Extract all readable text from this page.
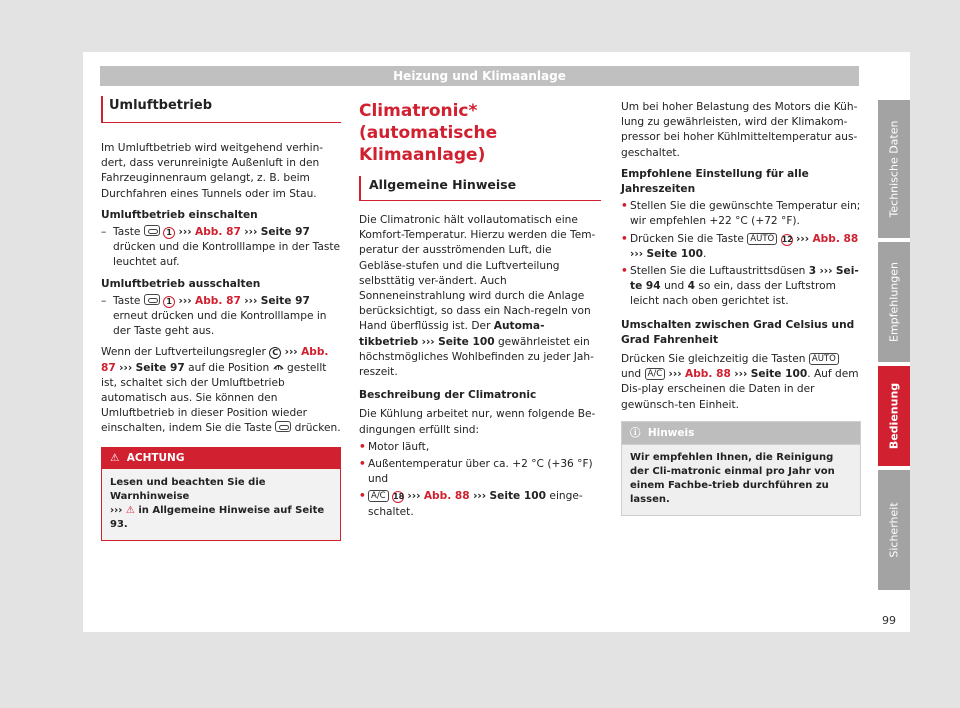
Heizung und Klimaanlage
Umluftbetrieb

Im Umluftbetrieb wird weitgehend verhin-dert, dass verunreinigte Außenluft in den Fahrzeuginnenraum gelangt, z. B. beim Durchfahren eines Tunnels oder im Stau.

Umluftbetrieb einschalten

– Taste	1 ››› Abb. 87 ››› Seite 97 drücken und die Kontrolllampe in der Taste leuchtet auf.

Umluftbetrieb ausschalten

– Taste	1 ››› Abb. 87 ››› Seite 97 erneut drücken und die Kontrolllampe in der Taste geht aus.

Wenn der Luftverteilungsregler C ››› Abb. 87 ››› Seite 97 auf die Position gestellt ist, schaltet sich der Umluftbetrieb automatisch aus. Sie können den Umluftbetrieb in dieser Position wieder einschalten, indem Sie die Taste drücken.

⚠ ACHTUNG
Lesen und beachten Sie die Warnhinweise
››› ⚠ in Allgemeine Hinweise auf Seite 93.
Climatronic* (automatische Klimaanlage)
Allgemeine Hinweise

Die Climatronic hält vollautomatisch eine Komfort-Temperatur. Hierzu werden die Tem-peratur der ausströmenden Luft, die Gebläse-stufen und die Luftverteilung selbsttätig ver-ändert. Auch Sonneneinstrahlung wird durch die Anlage berücksichtigt, so dass ein Nach-regeln von Hand überflüssig ist. Der Automa-tikbetrieb ››› Seite 100 gewährleistet ein höchstmögliches Wohlbefinden zu jeder Jah-reszeit.

Beschreibung der Climatronic

Die Kühlung arbeitet nur, wenn folgende Be-dingungen erfüllt sind:

• Motor läuft,
• Außentemperatur über ca. +2 °C (+36 °F) und
• A/C 18 ››› Abb. 88 ››› Seite 100 einge-schaltet.

Um bei hoher Belastung des Motors die Küh-lung zu gewährleisten, wird der Klimakom-pressor bei hoher Kühlmitteltemperatur aus-geschaltet.

Empfohlene Einstellung für alle Jahreszeiten

• Stellen Sie die gewünschte Temperatur ein; wir empfehlen +22 °C (+72 °F).
• Drücken Sie die Taste AUTO 12 ››› Abb. 88
››› Seite 100.
• Stellen Sie die Luftaustrittsdüsen 3 ››› Sei-te 94 und 4 so ein, dass der Luftstrom leicht nach oben gerichtet ist.

Umschalten zwischen Grad Celsius und Grad Fahrenheit

Drücken Sie gleichzeitig die Tasten AUTO und A/C ››› Abb. 88 ››› Seite 100. Auf dem Dis-play erscheinen die Daten in der gewünsch-ten Einheit.

ⓘ Hinweis
Wir empfehlen Ihnen, die Reinigung der Cli-matronic einmal pro Jahr von einem Fachbe-trieb durchführen zu lassen.
Technische Daten
Empfehlungen
Bedienung
Sicherheit
99
